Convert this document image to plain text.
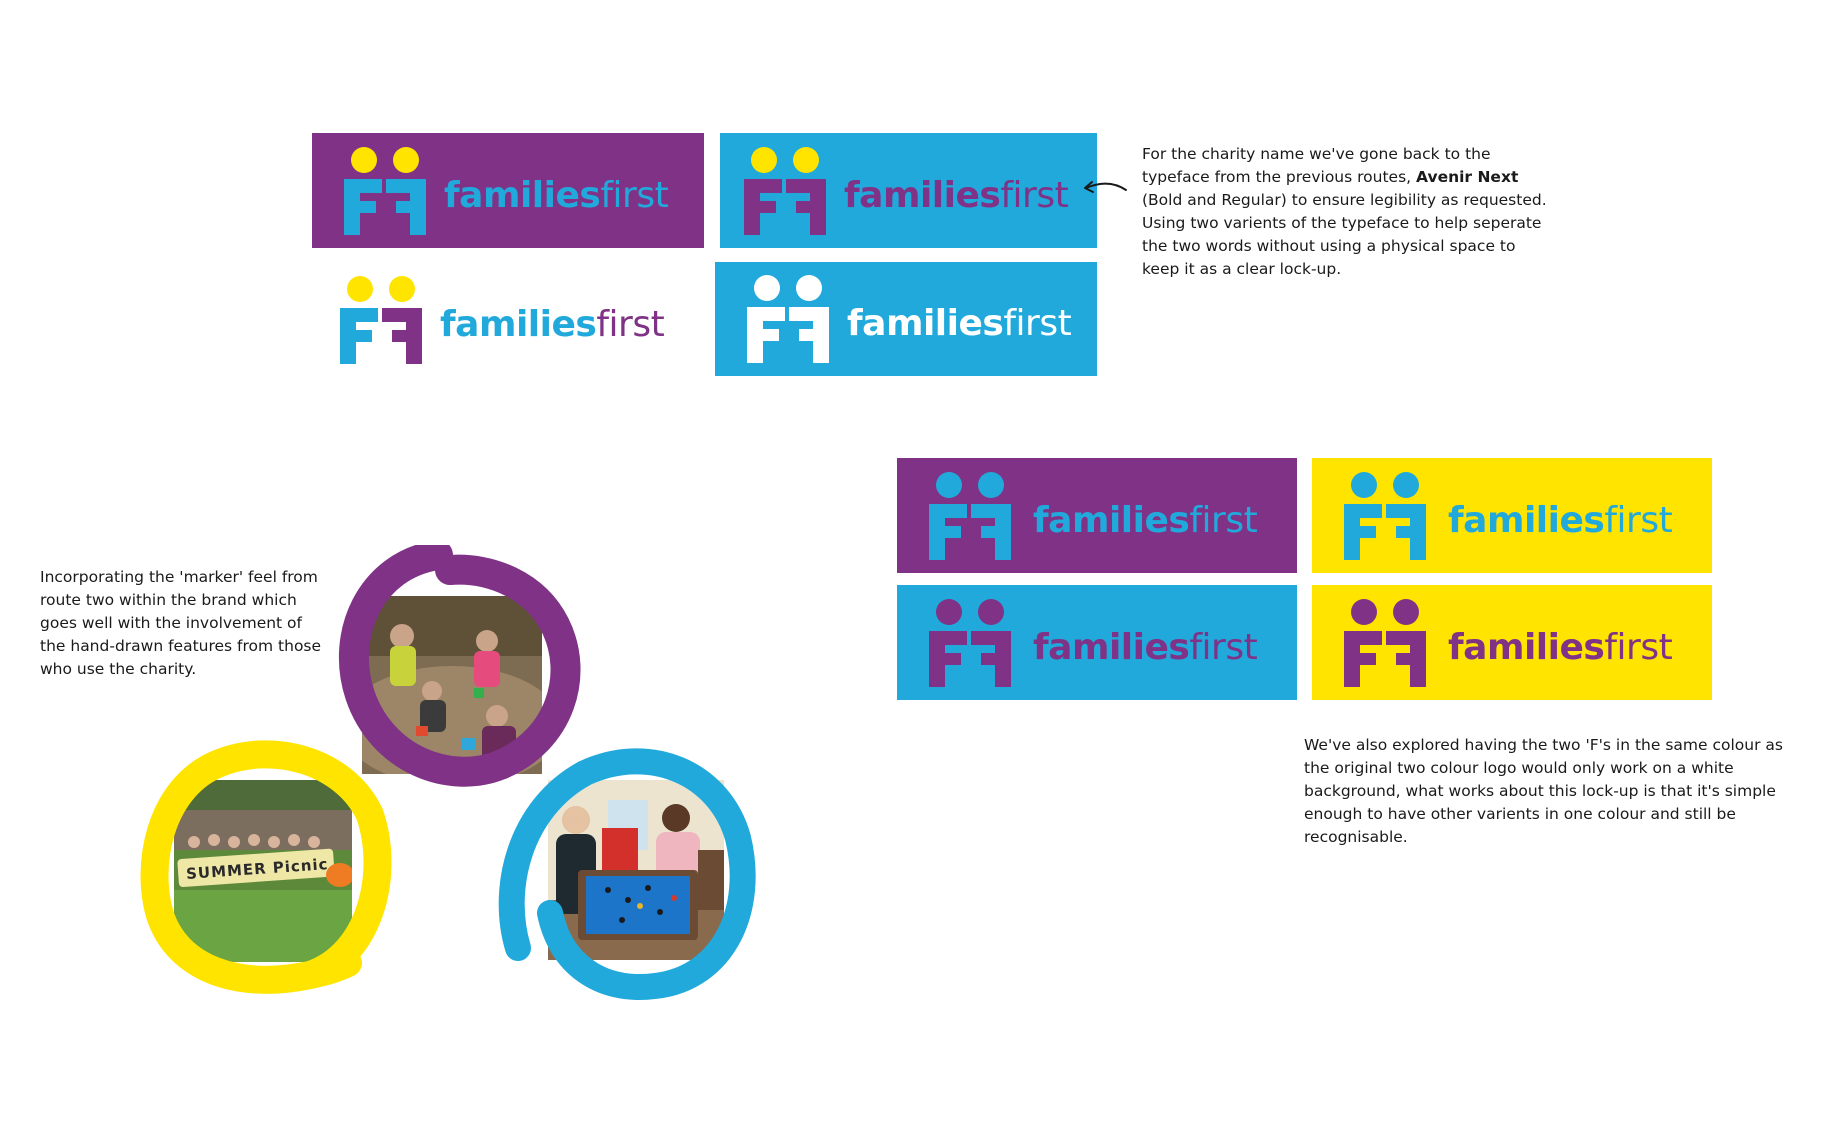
familiesfirst	familiesfirst
familiesfirst	familiesfirst

For the charity name we've gone back to the typeface from the previous routes, Avenir Next (Bold and Regular) to ensure legibility as requested. Using two varients of the typeface to help seperate the two words without using a physical space to keep it as a clear lock-up.

familiesfirst	familiesfirst
familiesfirst	familiesfirst

We've also explored having the two 'F's in the same colour as the original two colour logo would only work on a white background, what works about this lock-up is that it's simple enough to have other varients in one colour and still be recognisable.

Incorporating the 'marker' feel from route two within the brand which goes well with the involvement of the hand-drawn features from those who use the charity.

SUMMER Picnic
